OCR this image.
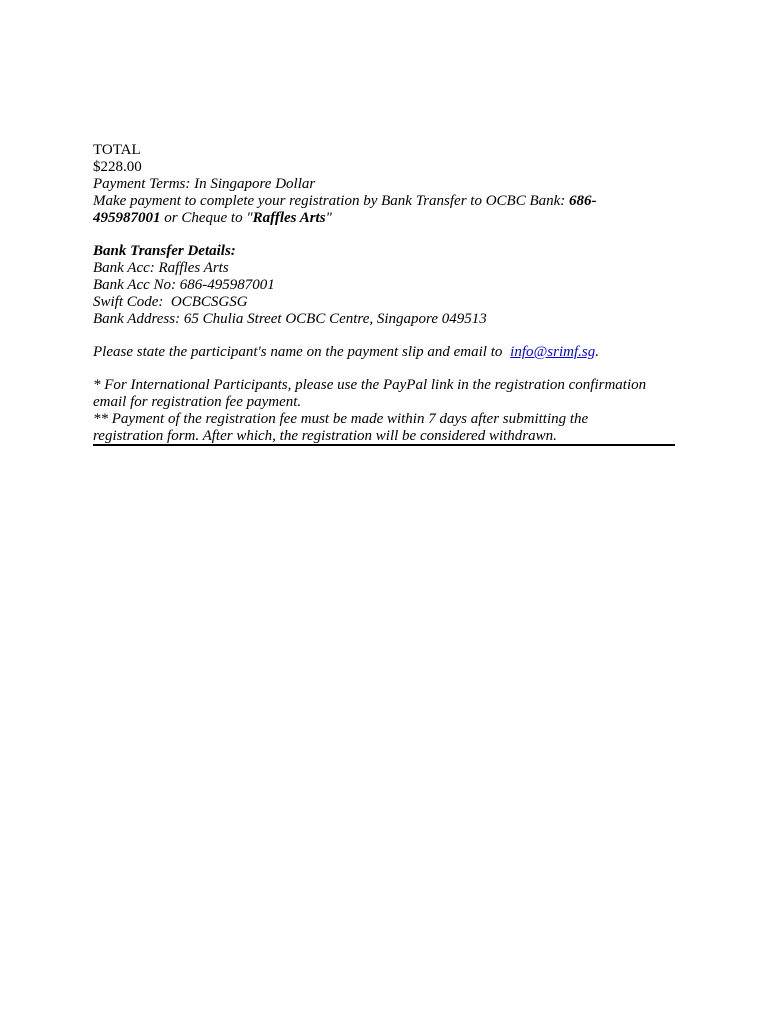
TOTAL
$228.00
Payment Terms: In Singapore Dollar
Make payment to complete your registration by Bank Transfer to OCBC Bank: 686-495987001 or Cheque to "Raffles Arts"
Bank Transfer Details:
Bank Acc: Raffles Arts
Bank Acc No: 686-495987001
Swift Code:  OCBCSGSG
Bank Address: 65 Chulia Street OCBC Centre, Singapore 049513
Please state the participant's name on the payment slip and email to info@srimf.sg.
* For International Participants, please use the PayPal link in the registration confirmation email for registration fee payment.
** Payment of the registration fee must be made within 7 days after submitting the registration form. After which, the registration will be considered withdrawn.
